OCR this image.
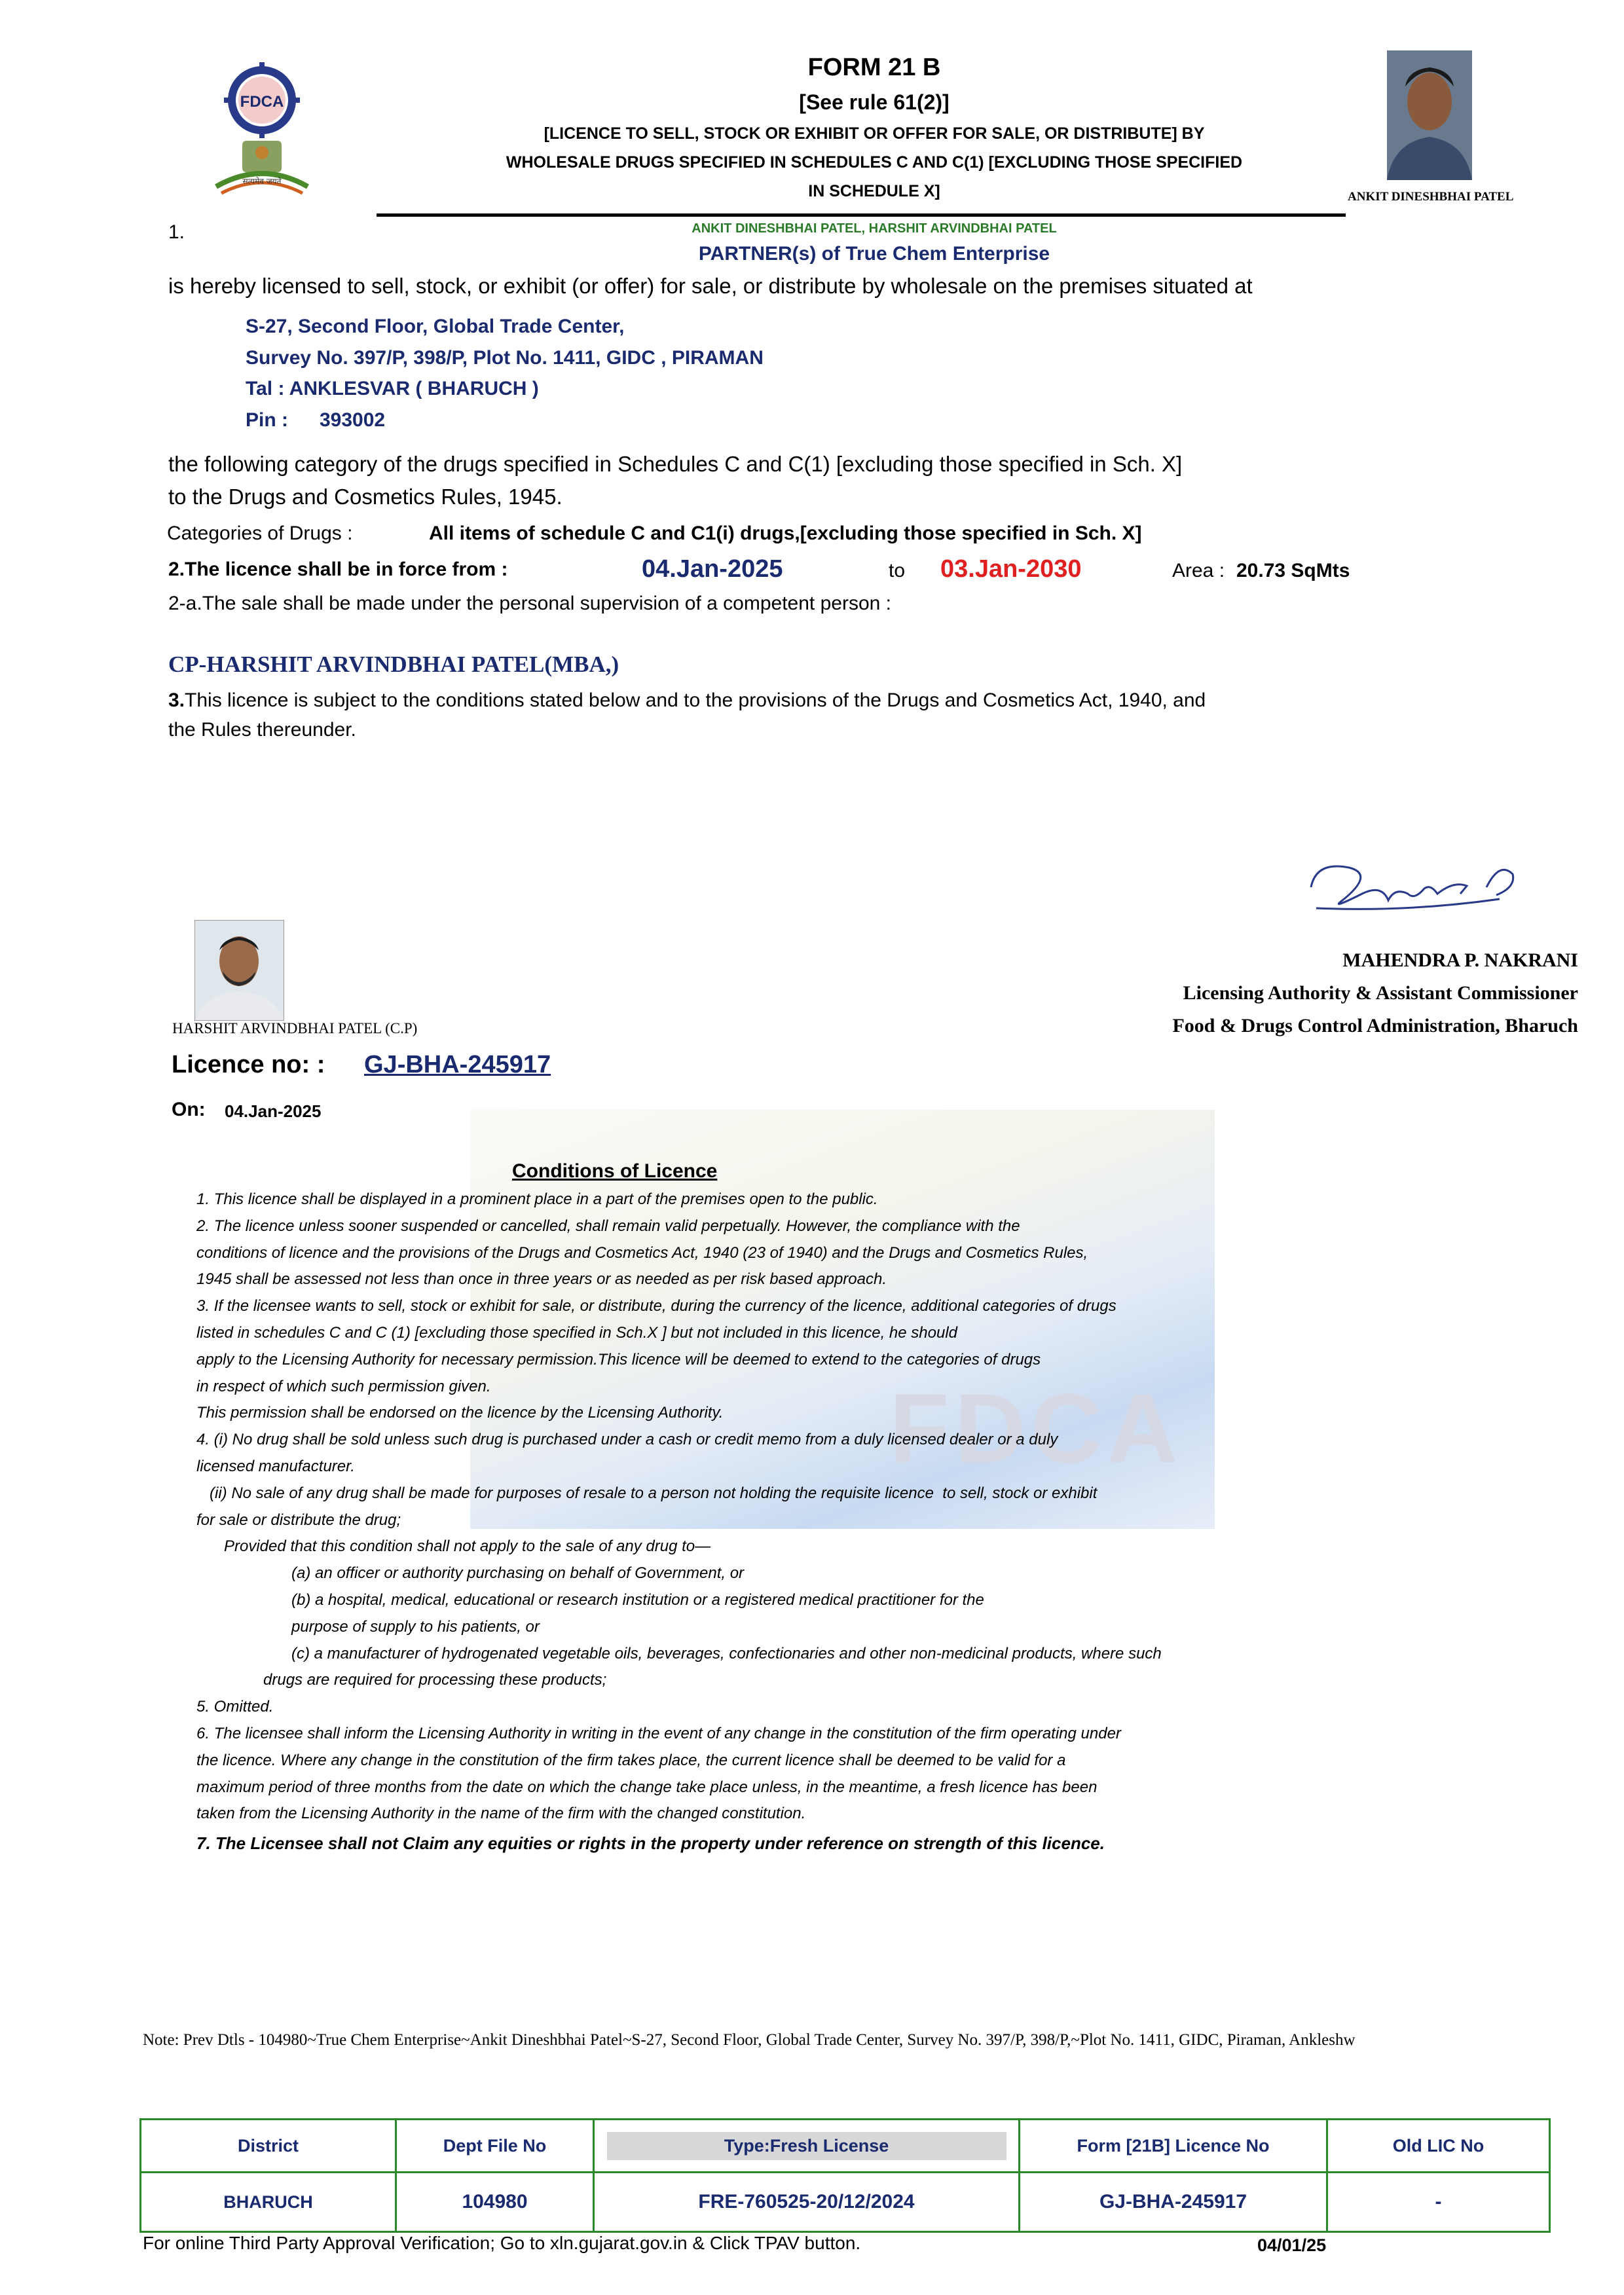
FDCA
सत्यमेव जयते
FORM 21 B
[See rule 61(2)]
[LICENCE TO SELL, STOCK OR EXHIBIT OR OFFER FOR SALE, OR DISTRIBUTE] BY
WHOLESALE DRUGS SPECIFIED IN SCHEDULES C AND C(1) [EXCLUDING THOSE SPECIFIED
IN SCHEDULE X]	ANKIT DINESHBHAI PATEL
1.	ANKIT DINESHBHAI PATEL, HARSHIT ARVINDBHAI PATEL
PARTNER(s) of True Chem Enterprise
is hereby licensed to sell, stock, or exhibit (or offer) for sale, or distribute by wholesale on the premises situated at
S-27, Second Floor, Global Trade Center,
Survey No. 397/P, 398/P, Plot No. 1411, GIDC , PIRAMAN
Tal : ANKLESVAR ( BHARUCH )
Pin : 393002
the following category of the drugs specified in Schedules C and C(1) [excluding those specified in Sch. X]
to the Drugs and Cosmetics Rules, 1945.
Categories of Drugs :	All items of schedule C and C1(i) drugs,[excluding those specified in Sch. X]
2.The licence shall be in force from :	04.Jan-2025	to 03.Jan-2030	Area : 20.73 SqMts
2-a.The sale shall be made under the personal supervision of a competent person :
CP-HARSHIT ARVINDBHAI PATEL(MBA,)
3.This licence is subject to the conditions stated below and to the provisions of the Drugs and Cosmetics Act, 1940, and
the Rules thereunder.
MAHENDRA P. NAKRANI
Licensing Authority & Assistant Commissioner
Food & Drugs Control Administration, Bharuch
HARSHIT ARVINDBHAI PATEL (C.P)
Licence no: : GJ-BHA-245917
On: 04.Jan-2025
FDCA
Conditions of Licence
1. This licence shall be displayed in a prominent place in a part of the premises open to the public.
2. The licence unless sooner suspended or cancelled, shall remain valid perpetually. However, the compliance with the
conditions of licence and the provisions of the Drugs and Cosmetics Act, 1940 (23 of 1940) and the Drugs and Cosmetics Rules,
1945 shall be assessed not less than once in three years or as needed as per risk based approach.
3. If the licensee wants to sell, stock or exhibit for sale, or distribute, during the currency of the licence, additional categories of drugs
listed in schedules C and C (1) [excluding those specified in Sch.X ] but not included in this licence, he should
apply to the Licensing Authority for necessary permission.This licence will be deemed to extend to the categories of drugs
in respect of which such permission given.
This permission shall be endorsed on the licence by the Licensing Authority.
4. (i) No drug shall be sold unless such drug is purchased under a cash or credit memo from a duly licensed dealer or a duly
licensed manufacturer.
(ii) No sale of any drug shall be made for purposes of resale to a person not holding the requisite licence  to sell, stock or exhibit
for sale or distribute the drug;
Provided that this condition shall not apply to the sale of any drug to—
(a) an officer or authority purchasing on behalf of Government, or
(b) a hospital, medical, educational or research institution or a registered medical practitioner for the
purpose of supply to his patients, or
(c) a manufacturer of hydrogenated vegetable oils, beverages, confectionaries and other non-medicinal products, where such
drugs are required for processing these products;
5. Omitted.
6. The licensee shall inform the Licensing Authority in writing in the event of any change in the constitution of the firm operating under
the licence. Where any change in the constitution of the firm takes place, the current licence shall be deemed to be valid for a
maximum period of three months from the date on which the change take place unless, in the meantime, a fresh licence has been
taken from the Licensing Authority in the name of the firm with the changed constitution.
7. The Licensee shall not Claim any equities or rights in the property under reference on strength of this licence.
Note: Prev Dtls - 104980~True Chem Enterprise~Ankit Dineshbhai Patel~S-27, Second Floor, Global Trade Center, Survey No. 397/P, 398/P,~Plot No. 1411, GIDC, Piraman, Ankleshw
District	Dept File No	Type:Fresh License	Form [21B] Licence No	Old LIC No
BHARUCH	104980	FRE-760525-20/12/2024	GJ-BHA-245917	-
For online Third Party Approval Verification; Go to xln.gujarat.gov.in & Click TPAV button.	04/01/25
